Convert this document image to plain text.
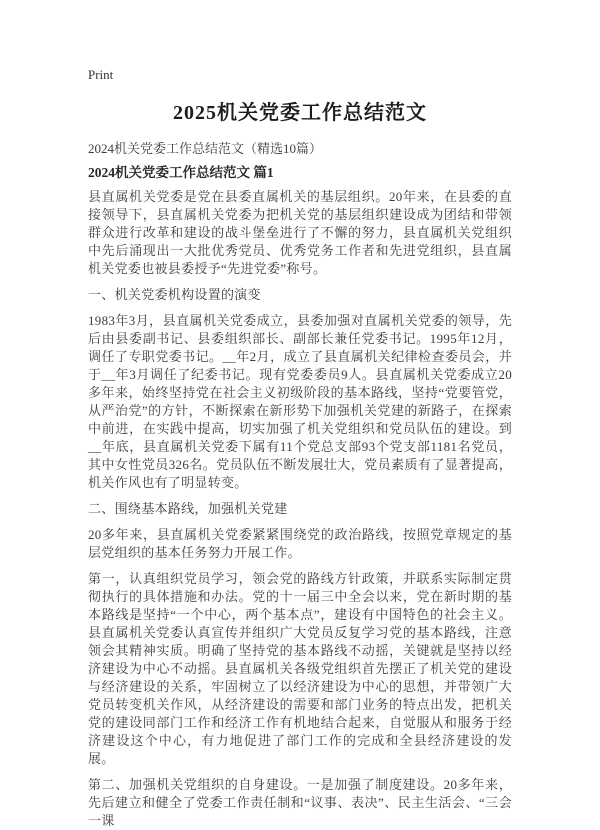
Print
2025机关党委工作总结范文

2024机关党委工作总结范文（精选10篇）

2024机关党委工作总结范文 篇1

县直属机关党委是党在县委直属机关的基层组织。20年来，在县委的直接领导下，县直属机关党委为把机关党的基层组织建设成为团结和带领群众进行改革和建设的战斗堡垒进行了不懈的努力，县直属机关党组织中先后涌现出一大批优秀党员、优秀党务工作者和先进党组织，县直属机关党委也被县委授予“先进党委”称号。

一、机关党委机构设置的演变

1983年3月，县直属机关党委成立，县委加强对直属机关党委的领导，先后由县委副书记、县委组织部长、副部长兼任党委书记。1995年12月，调任了专职党委书记。__年2月，成立了县直属机关纪律检查委员会，并于__年3月调任了纪委书记。现有党委委员9人。县直属机关党委成立20多年来，始终坚持党在社会主义初级阶段的基本路线，坚持“党要管党，从严治党”的方针，不断探索在新形势下加强机关党建的新路子，在探索中前进，在实践中提高，切实加强了机关党组织和党员队伍的建设。到__年底，县直属机关党委下属有11个党总支部93个党支部1181名党员，其中女性党员326名。党员队伍不断发展壮大，党员素质有了显著提高，机关作风也有了明显转变。

二、围绕基本路线，加强机关党建

20多年来，县直属机关党委紧紧围绕党的政治路线，按照党章规定的基层党组织的基本任务努力开展工作。

第一，认真组织党员学习，领会党的路线方针政策，并联系实际制定贯彻执行的具体措施和办法。党的十一届三中全会以来，党在新时期的基本路线是坚持“一个中心，两个基本点”，建设有中国特色的社会主义。县直属机关党委认真宣传并组织广大党员反复学习党的基本路线，注意领会其精神实质。明确了坚持党的基本路线不动摇，关键就是坚持以经济建设为中心不动摇。县直属机关各级党组织首先摆正了机关党的建设与经济建设的关系，牢固树立了以经济建设为中心的思想，并带领广大党员转变机关作风，从经济建设的需要和部门业务的特点出发，把机关党的建设同部门工作和经济工作有机地结合起来，自觉服从和服务于经济建设这个中心，有力地促进了部门工作的完成和全县经济建设的发展。

第二、加强机关党组织的自身建设。一是加强了制度建设。20多年来，先后建立和健全了党委工作责任制和“议事、表决”、民主生活会、“三会一课
